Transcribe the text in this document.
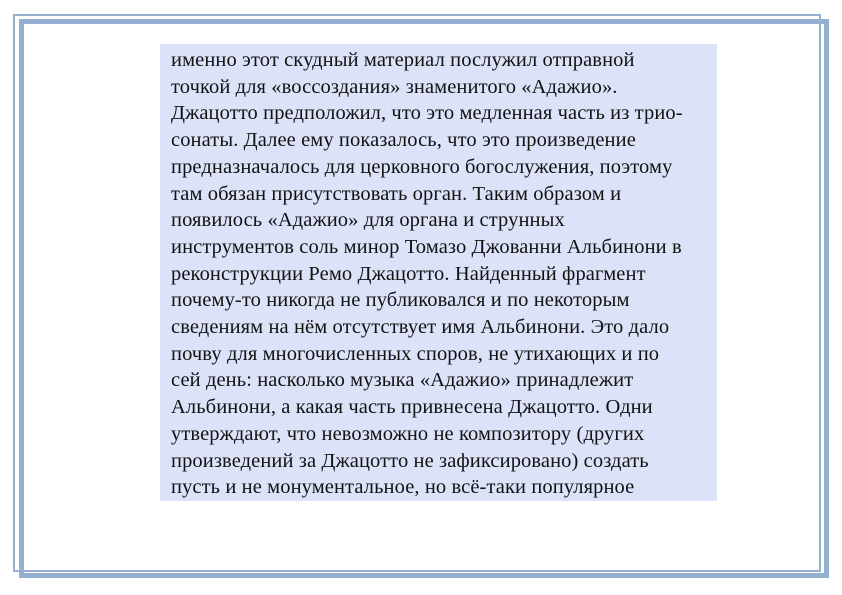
именно этот скудный материал послужил отправной
точкой для «воссоздания» знаменитого «Адажио».
Джацотто предположил, что это медленная часть из трио-
сонаты. Далее ему показалось, что это произведение
предназначалось для церковного богослужения, поэтому
там обязан присутствовать орган. Таким образом и
появилось «Адажио» для органа и струнных
инструментов соль минор Томазо Джованни Альбинони в
реконструкции Ремо Джацотто. Найденный фрагмент
почему-то никогда не публиковался и по некоторым
сведениям на нём отсутствует имя Альбинони. Это дало
почву для многочисленных споров, не утихающих и по
сей день: насколько музыка «Адажио» принадлежит
Альбинони, а какая часть привнесена Джацотто. Одни
утверждают, что невозможно не композитору (других
произведений за Джацотто не зафиксировано) создать
пусть и не монументальное, но всё-таки популярное
